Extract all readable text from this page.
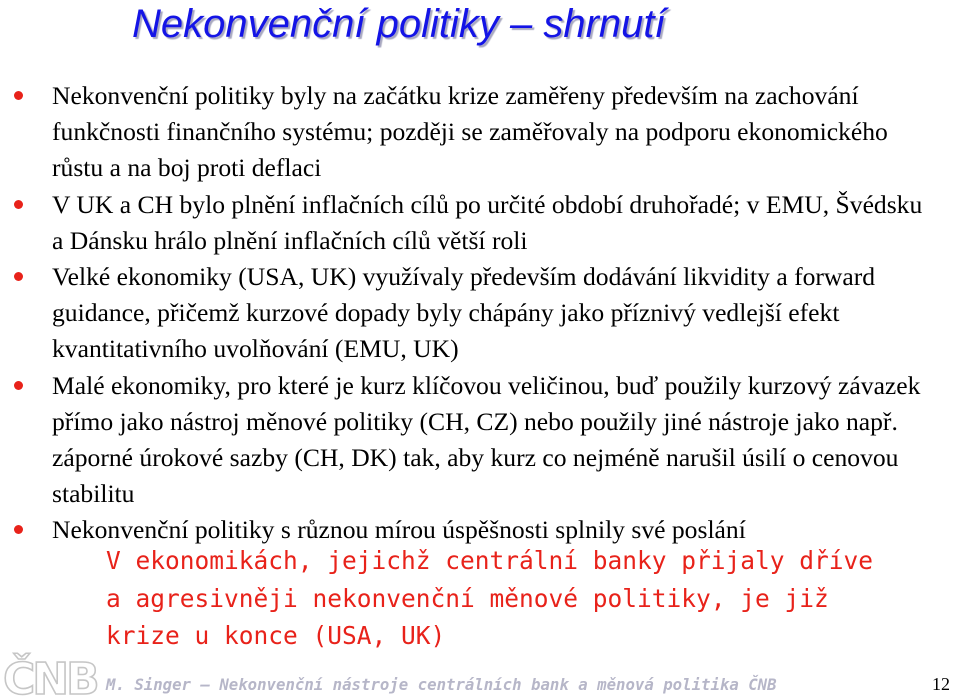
Nekonvenční politiky – shrnutí
Nekonvenční politiky byly na začátku krize zaměřeny především na zachování funkčnosti finančního systému; později se zaměřovaly na podporu ekonomického růstu a na boj proti deflaci
V UK a CH bylo plnění inflačních cílů po určité období druhořadé; v EMU, Švédsku a Dánsku hrálo plnění inflačních cílů větší roli
Velké ekonomiky (USA, UK) využívaly především dodávání likvidity a forward guidance, přičemž kurzové dopady byly chápány jako příznivý vedlejší efekt kvantitativního uvolňování (EMU, UK)
Malé ekonomiky, pro které je kurz klíčovou veličinou, buď použily kurzový závazek přímo jako nástroj měnové politiky (CH, CZ) nebo použily jiné nástroje jako např. záporné úrokové sazby (CH, DK) tak, aby kurz co nejméně narušil úsilí o cenovou stabilitu
Nekonvenční politiky s různou mírou úspěšnosti splnily své poslání

V ekonomikách, jejichž centrální banky přijaly dříve
a agresivněji nekonvenční měnové politiky, je již
krize u konce (USA, UK)

ČNB M. Singer – Nekonvenční nástroje centrálních bank a měnová politika ČNB	12
